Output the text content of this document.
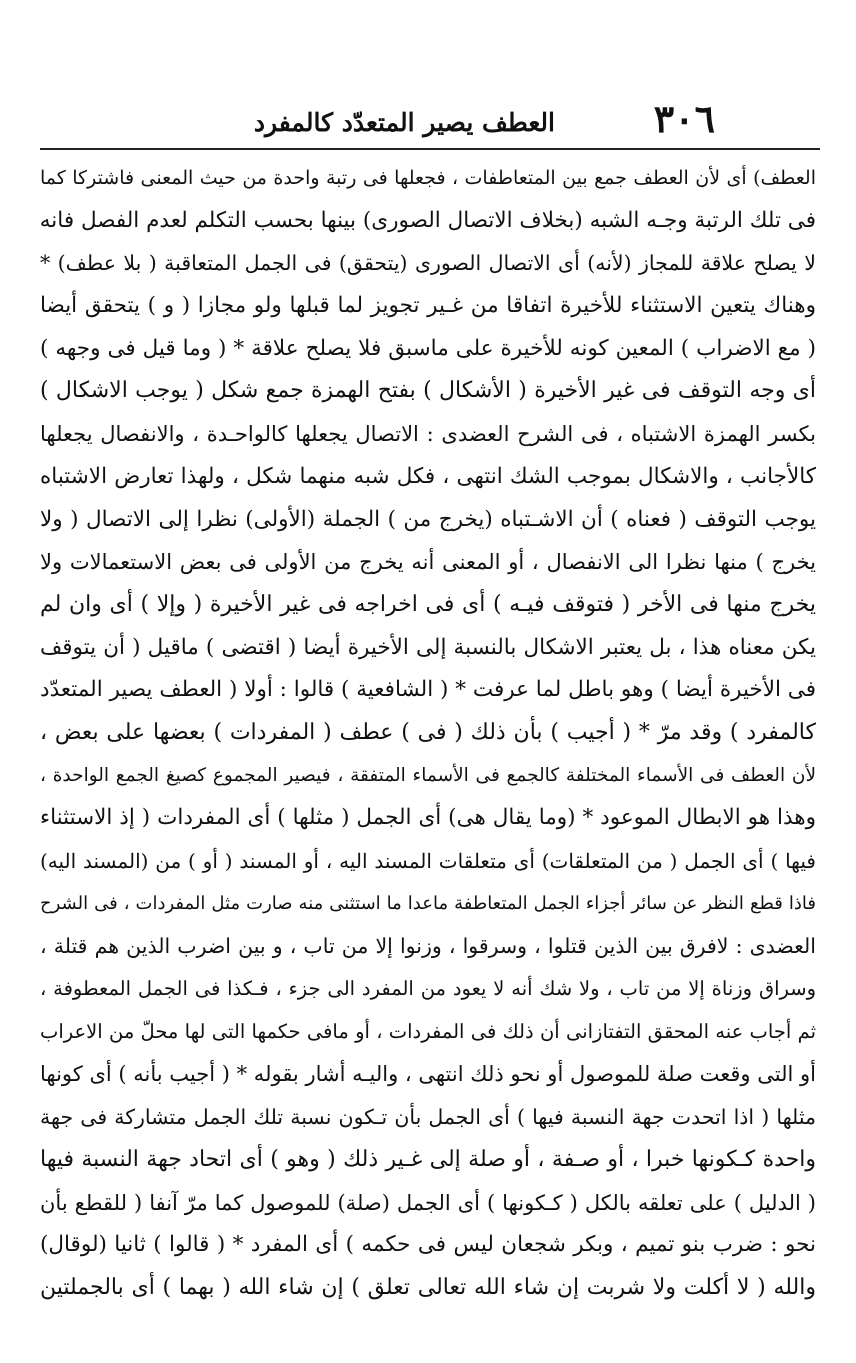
٣٠٦
العطف يصير المتعدّد كالمفرد
العطف) أى لأن العطف جمع بين المتعاطفات ، فجعلها فى رتبة واحدة من حيث المعنى فاشتركا كما
فى تلك الرتبة وجـه الشبه (بخلاف الاتصال الصورى) بينها بحسب التكلم لعدم الفصل فانه
لا يصلح علاقة للمجاز (لأنه) أى الاتصال الصورى (يتحقق) فى الجمل المتعاقبة ( بلا عطف) *
وهناك يتعين الاستثناء للأخيرة اتفاقا من غـير تجويز لما قبلها ولو مجازا ( و ) يتحقق أيضا
( مع الاضراب ) المعين كونه للأخيرة على ماسبق فلا يصلح علاقة * ( وما قيل فى وجهه )
أى وجه التوقف فى غير الأخيرة ( الأشكال ) بفتح الهمزة جمع شكل ( يوجب الاشكال )
بكسر الهمزة الاشتباه ، فى الشرح العضدى : الاتصال يجعلها كالواحـدة ، والانفصال يجعلها
كالأجانب ، والاشكال بموجب الشك انتهى ، فكل شبه منهما شكل ، ولهذا تعارض الاشتباه
يوجب التوقف ( فعناه ) أن الاشـتباه (يخرج من ) الجملة (الأولى) نظرا إلى الاتصال ( ولا
يخرج ) منها نظرا الى الانفصال ، أو المعنى أنه يخرج من الأولى فى بعض الاستعمالات ولا
يخرج منها فى الأخر ( فتوقف فيـه ) أى فى اخراجه فى غير الأخيرة ( وإلا ) أى وان لم
يكن معناه هذا ، بل يعتبر الاشكال بالنسبة إلى الأخيرة أيضا ( اقتضى ) ماقيل ( أن يتوقف
فى الأخيرة أيضا ) وهو باطل لما عرفت * ( الشافعية ) قالوا : أولا ( العطف يصير المتعدّد
كالمفرد ) وقد مرّ * ( أجيب ) بأن ذلك ( فى ) عطف ( المفردات ) بعضها على بعض ،
لأن العطف فى الأسماء المختلفة كالجمع فى الأسماء المتفقة ، فيصير المجموع كصيغ الجمع الواحدة ،
وهذا هو الابطال الموعود * (وما يقال هى) أى الجمل ( مثلها ) أى المفردات ( إذ الاستثناء
فيها ) أى الجمل ( من المتعلقات) أى متعلقات المسند اليه ، أو المسند ( أو ) من (المسند اليه)
فاذا قطع النظر عن سائر أجزاء الجمل المتعاطفة ماعدا ما استثنى منه صارت مثل المفردات ، فى الشرح
العضدى : لافرق بين الذين قتلوا ، وسرقوا ، وزنوا إلا من تاب ، و بين اضرب الذين هم قتلة ،
وسراق وزناة إلا من تاب ، ولا شك أنه لا يعود من المفرد الى جزء ، فـكذا فى الجمل المعطوفة ،
ثم أجاب عنه المحقق التفتازانى أن ذلك فى المفردات ، أو مافى حكمها التى لها محلّ من الاعراب
أو التى وقعت صلة للموصول أو نحو ذلك انتهى ، واليـه أشار بقوله * ( أجيب بأنه ) أى كونها
مثلها ( اذا اتحدت جهة النسبة فيها ) أى الجمل بأن تـكون نسبة تلك الجمل متشاركة فى جهة
واحدة كـكونها خبرا ، أو صـفة ، أو صلة إلى غـير ذلك ( وهو ) أى اتحاد جهة النسبة فيها
( الدليل ) على تعلقه بالكل ( كـكونها ) أى الجمل (صلة) للموصول كما مرّ آنفا ( للقطع بأن
نحو : ضرب بنو تميم ، وبكر شجعان ليس فى حكمه ) أى المفرد * ( قالوا ) ثانيا (لوقال)
والله ( لا أكلت ولا شربت إن شاء الله تعالى تعلق ) إن شاء الله ( بهما ) أى بالجملتين
